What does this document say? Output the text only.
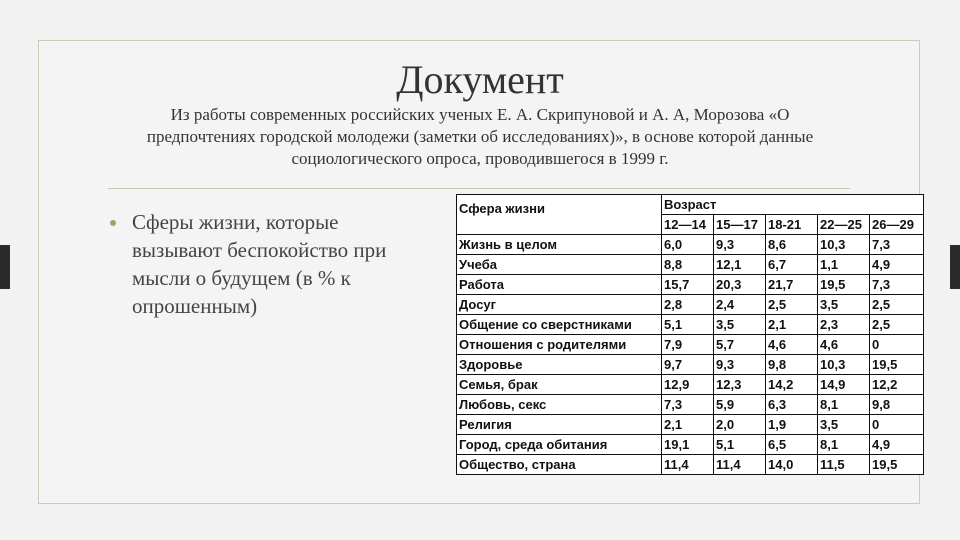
Документ
Из работы современных российских ученых Е. А. Скрипуновой и А. А, Морозова «О предпочтениях городской молодежи (заметки об исследованиях)», в основе которой данные социологического опроса, проводившегося в 1999 г.
Сферы жизни, которые вызывают беспокойство при мысли о будущем (в % к опрошенным)
Сфера жизни	Возраст				
	12—14	15—17	18-21	22—25	26—29
Жизнь в целом	6,0	9,3	8,6	10,3	7,3
Учеба	8,8	12,1	6,7	1,1	4,9
Работа	15,7	20,3	21,7	19,5	7,3
Досуг	2,8	2,4	2,5	3,5	2,5
Общение со сверстниками	5,1	3,5	2,1	2,3	2,5
Отношения с родителями	7,9	5,7	4,6	4,6	0
Здоровье	9,7	9,3	9,8	10,3	19,5
Семья, брак	12,9	12,3	14,2	14,9	12,2
Любовь, секс	7,3	5,9	6,3	8,1	9,8
Религия	2,1	2,0	1,9	3,5	0
Город, среда обитания	19,1	5,1	6,5	8,1	4,9
Общество, страна	11,4	11,4	14,0	11,5	19,5
